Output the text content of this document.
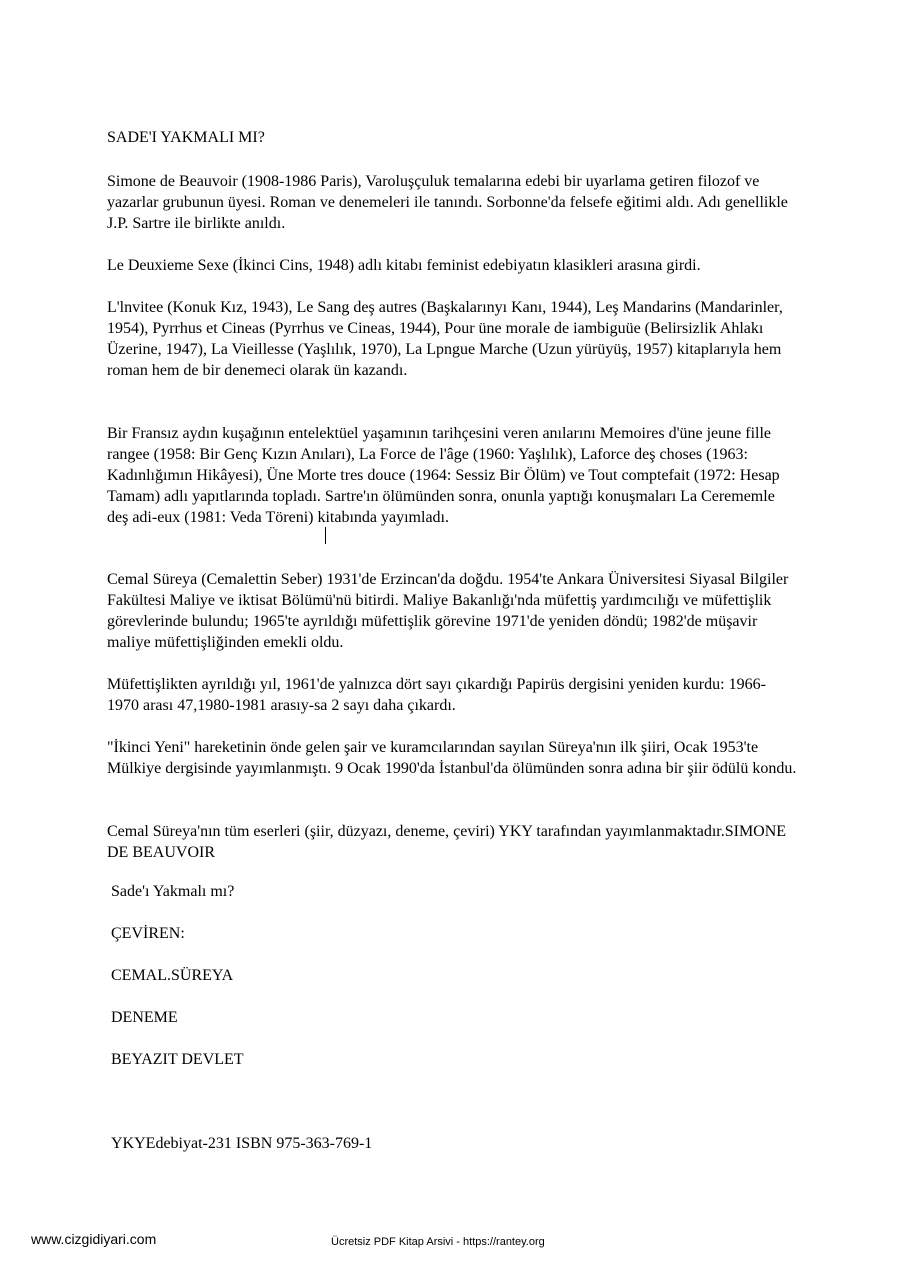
SADE'I YAKMALI MI?

Simone de Beauvoir (1908-1986 Paris), Varoluşçuluk temalarına edebi bir uyarlama getiren filozof ve yazarlar grubunun üyesi. Roman ve denemeleri ile tanındı. Sorbonne'da felsefe eğitimi aldı. Adı genellikle J.P. Sartre ile birlikte anıldı.

Le Deuxieme Sexe (İkinci Cins, 1948) adlı kitabı feminist edebiyatın klasikleri arasına girdi.

L'lnvitee (Konuk Kız, 1943), Le Sang deş autres (Başkalarınyı Kanı, 1944), Leş Mandarins (Mandarinler, 1954), Pyrrhus et Cineas (Pyrrhus ve Cineas, 1944), Pour üne morale de iambiguüe (Belirsizlik Ahlakı Üzerine, 1947), La Vieillesse (Yaşlılık, 1970), La Lpngue Marche (Uzun yürüyüş, 1957) kitaplarıyla hem roman hem de bir denemeci olarak ün kazandı.

Bir Fransız aydın kuşağının entelektüel yaşamının tarihçesini veren anılarını Memoires d'üne jeune fille rangee (1958: Bir Genç Kızın Anıları), La Force de l'âge (1960: Yaşlılık), Laforce deş choses (1963: Kadınlığımın Hikâyesi), Üne Morte tres douce (1964: Sessiz Bir Ölüm) ve Tout comptefait (1972: Hesap Tamam) adlı yapıtlarında topladı. Sartre'ın ölümünden sonra, onunla yaptığı konuşmaları La Cerememle deş adi-eux (1981: Veda Töreni) kitabında yayımladı.

Cemal Süreya (Cemalettin Seber) 1931'de Erzincan'da doğdu. 1954'te Ankara Üniversitesi Siyasal Bilgiler Fakültesi Maliye ve iktisat Bölümü'nü bitirdi. Maliye Bakanlığı'nda müfettiş yardımcılığı ve müfettişlik görevlerinde bulundu; 1965'te ayrıldığı müfettişlik görevine 1971'de yeniden döndü; 1982'de müşavir maliye müfettişliğinden emekli oldu.

Müfettişlikten ayrıldığı yıl, 1961'de yalnızca dört sayı çıkardığı Papirüs dergisini yeniden kurdu: 1966-1970 arası 47,1980-1981 arasıy-sa 2 sayı daha çıkardı.

"İkinci Yeni" hareketinin önde gelen şair ve kuramcılarından sayılan Süreya'nın ilk şiiri, Ocak 1953'te Mülkiye dergisinde yayımlanmıştı. 9 Ocak 1990'da İstanbul'da ölümünden sonra adına bir şiir ödülü kondu.

Cemal Süreya'nın tüm eserleri (şiir, düzyazı, deneme, çeviri) YKY tarafından yayımlanmaktadır.SIMONE DE BEAUVOIR

Sade'ı Yakmalı mı?

ÇEVİREN:

CEMAL.SÜREYA

DENEME

BEYAZIT DEVLET

YKYEdebiyat-231 ISBN 975-363-769-1

www.cizgidiyari.com	Ücretsiz PDF Kitap Arsivi - https://rantey.org
